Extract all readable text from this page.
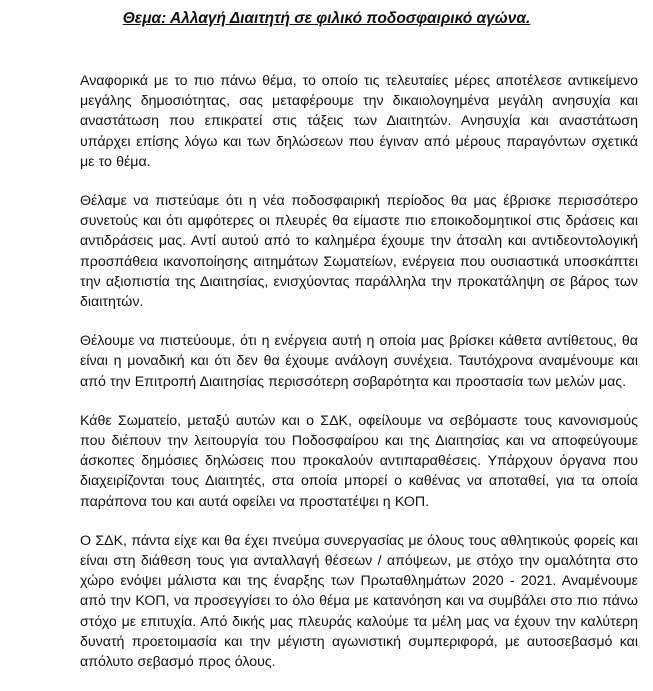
Θεμα: Αλλαγή Διαιτητή σε φιλικό ποδοσφαιρικό αγώνα.

Αναφορικά με το πιο πάνω θέμα, το οποίο τις τελευταίες μέρες αποτέλεσε αντικείμενο μεγάλης δημοσιότητας, σας μεταφέρουμε την δικαιολογημένα μεγάλη ανησυχία και αναστάτωση που επικρατεί στις τάξεις των Διαιτητών. Ανησυχία και αναστάτωση υπάρχει επίσης λόγω και των δηλώσεων που έγιναν από μέρους παραγόντων σχετικά με το θέμα.

Θέλαμε να πιστεύαμε ότι η νέα ποδοσφαιρική περίοδος θα μας έβρισκε περισσότερο συνετούς και ότι αμφότερες οι πλευρές θα είμαστε πιο εποικοδομητικοί στις δράσεις και αντιδράσεις μας. Αντί αυτού από το καλημέρα έχουμε την άτσαλη και αντιδεοντολογική προσπάθεια ικανοποίησης αιτημάτων Σωματείων, ενέργεια που ουσιαστικά υποσκάπτει την αξιοπιστία της Διαιτησίας, ενισχύοντας παράλληλα την προκατάληψη σε βάρος των διαιτητών.

Θέλουμε να πιστεύουμε, ότι η ενέργεια αυτή η οποία μας βρίσκει κάθετα αντίθετους, θα είναι η μοναδική και ότι δεν θα έχουμε ανάλογη συνέχεια. Ταυτόχρονα αναμένουμε και από την Επιτροπή Διαιτησίας περισσότερη σοβαρότητα και προστασία των μελών μας.

Κάθε Σωματείο, μεταξύ αυτών και ο ΣΔΚ, οφείλουμε να σεβόμαστε τους κανονισμούς που διέπουν την λειτουργία του Ποδοσφαίρου και της Διαιτησίας και να αποφεύγουμε άσκοπες δημόσιες δηλώσεις που προκαλούν αντιπαραθέσεις. Υπάρχουν όργανα που διαχειρίζονται τους Διαιτητές, στα οποία μπορεί ο καθένας να αποταθεί, για τα οποία παράπονα του και αυτά οφείλει να προστατέψει η ΚΟΠ.

Ο ΣΔΚ, πάντα είχε και θα έχει πνεύμα συνεργασίας με όλους τους αθλητικούς φορείς και είναι στη διάθεση τους για ανταλλαγή θέσεων / απόψεων, με στόχο την ομαλότητα στο χώρο ενόψει μάλιστα και της έναρξης των Πρωταθλημάτων 2020 - 2021. Αναμένουμε από την ΚΟΠ, να προσεγγίσει το όλο θέμα με κατανόηση και να συμβάλει στο πιο πάνω στόχο με επιτυχία. Από δικής μας πλευράς καλούμε τα μέλη μας να έχουν την καλύτερη δυνατή προετοιμασία και την μέγιστη αγωνιστική συμπεριφορά, με αυτοσεβασμό και απόλυτο σεβασμό προς όλους.
